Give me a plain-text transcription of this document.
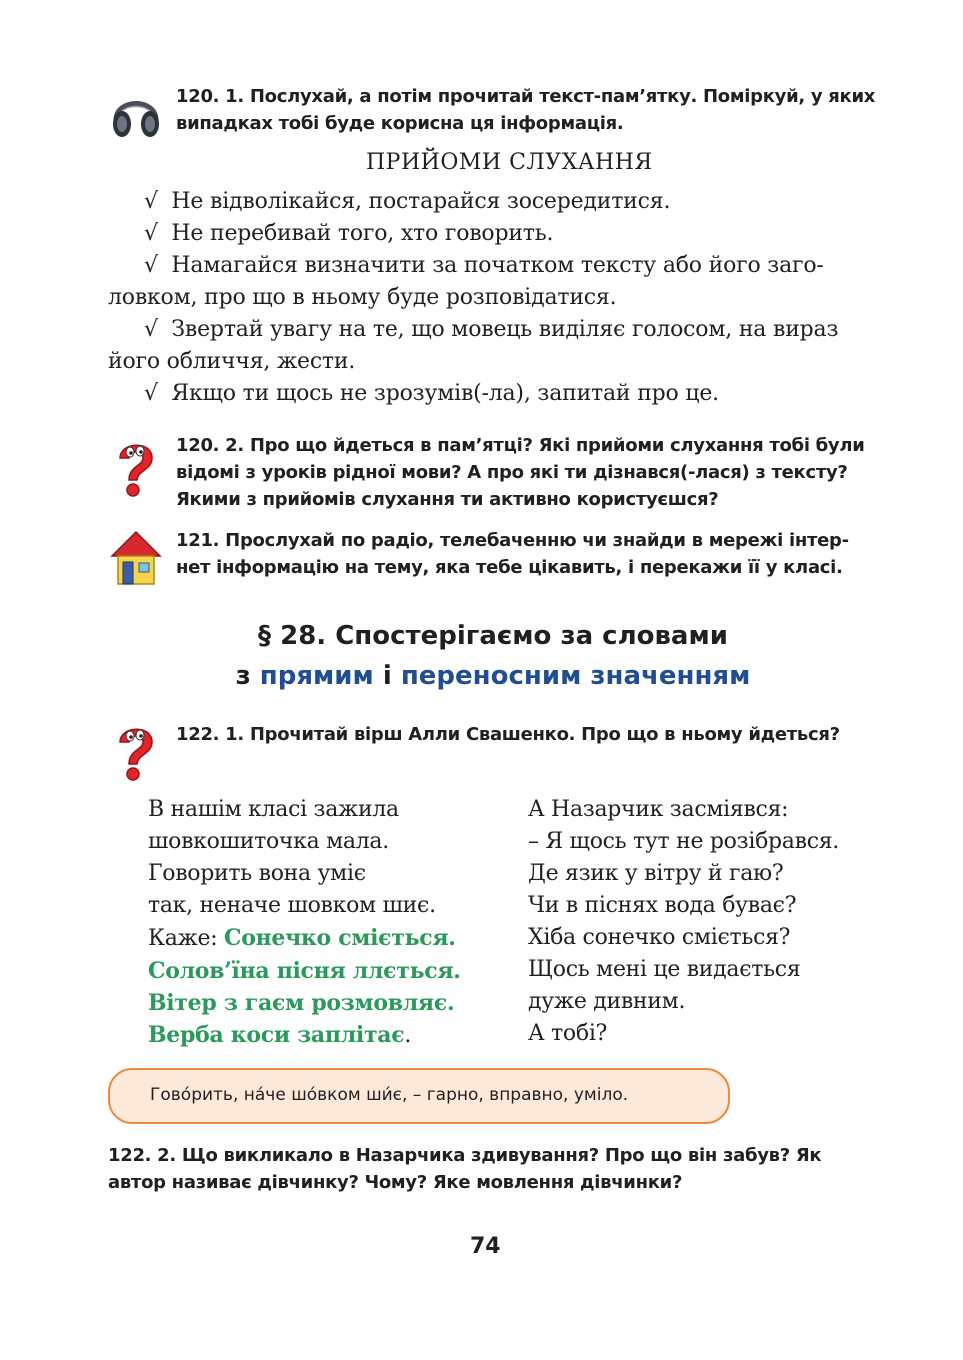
120. 1. Послухай, а потім прочитай текст-пам’ятку. Поміркуй, у яких
випадках тобі буде корисна ця інформація.
ПРИЙОМИ СЛУХАННЯ
√ Не відволікайся, постарайся зосередитися.
√ Не перебивай того, хто говорить.
√ Намагайся визначити за початком тексту або його заго-
ловком, про що в ньому буде розповідатися.
√ Звертай увагу на те, що мовець виділяє голосом, на вираз
його обличчя, жести.
√ Якщо ти щось не зрозумів(-ла), запитай про це.
120. 2. Про що йдеться в пам’ятці? Які прийоми слухання тобі були
відомі з уроків рідної мови? А про які ти дізнався(-лася) з тексту?
Якими з прийомів слухання ти активно користуєшся?
121. Прослухай по радіо, телебаченню чи знайди в мережі інтер-
нет інформацію на тему, яка тебе цікавить, і перекажи її у класі.
§ 28. Спостерігаємо за словами
з прямим і переносним значенням
122. 1. Прочитай вірш Алли Свашенко. Про що в ньому йдеться?
В нашім класі зажила
шовкошиточка мала.
Говорить вона уміє
так, неначе шовком шиє.
Каже: Сонечко сміється.
Солов’їна пісня ллється.
Вітер з гаєм розмовляє.
Верба коси заплітає.
А Назарчик засміявся:
– Я щось тут не розібрався.
Де язик у вітру й гаю?
Чи в піснях вода буває?
Хіба сонечко сміється?
Щось мені це видається
дуже дивним.
А тобі?
Гово́рить, на́че шо́вком ши́є, – гарно, вправно, уміло.
122. 2. Що викликало в Назарчика здивування? Про що він забув? Як
автор називає дівчинку? Чому? Яке мовлення дівчинки?
74
